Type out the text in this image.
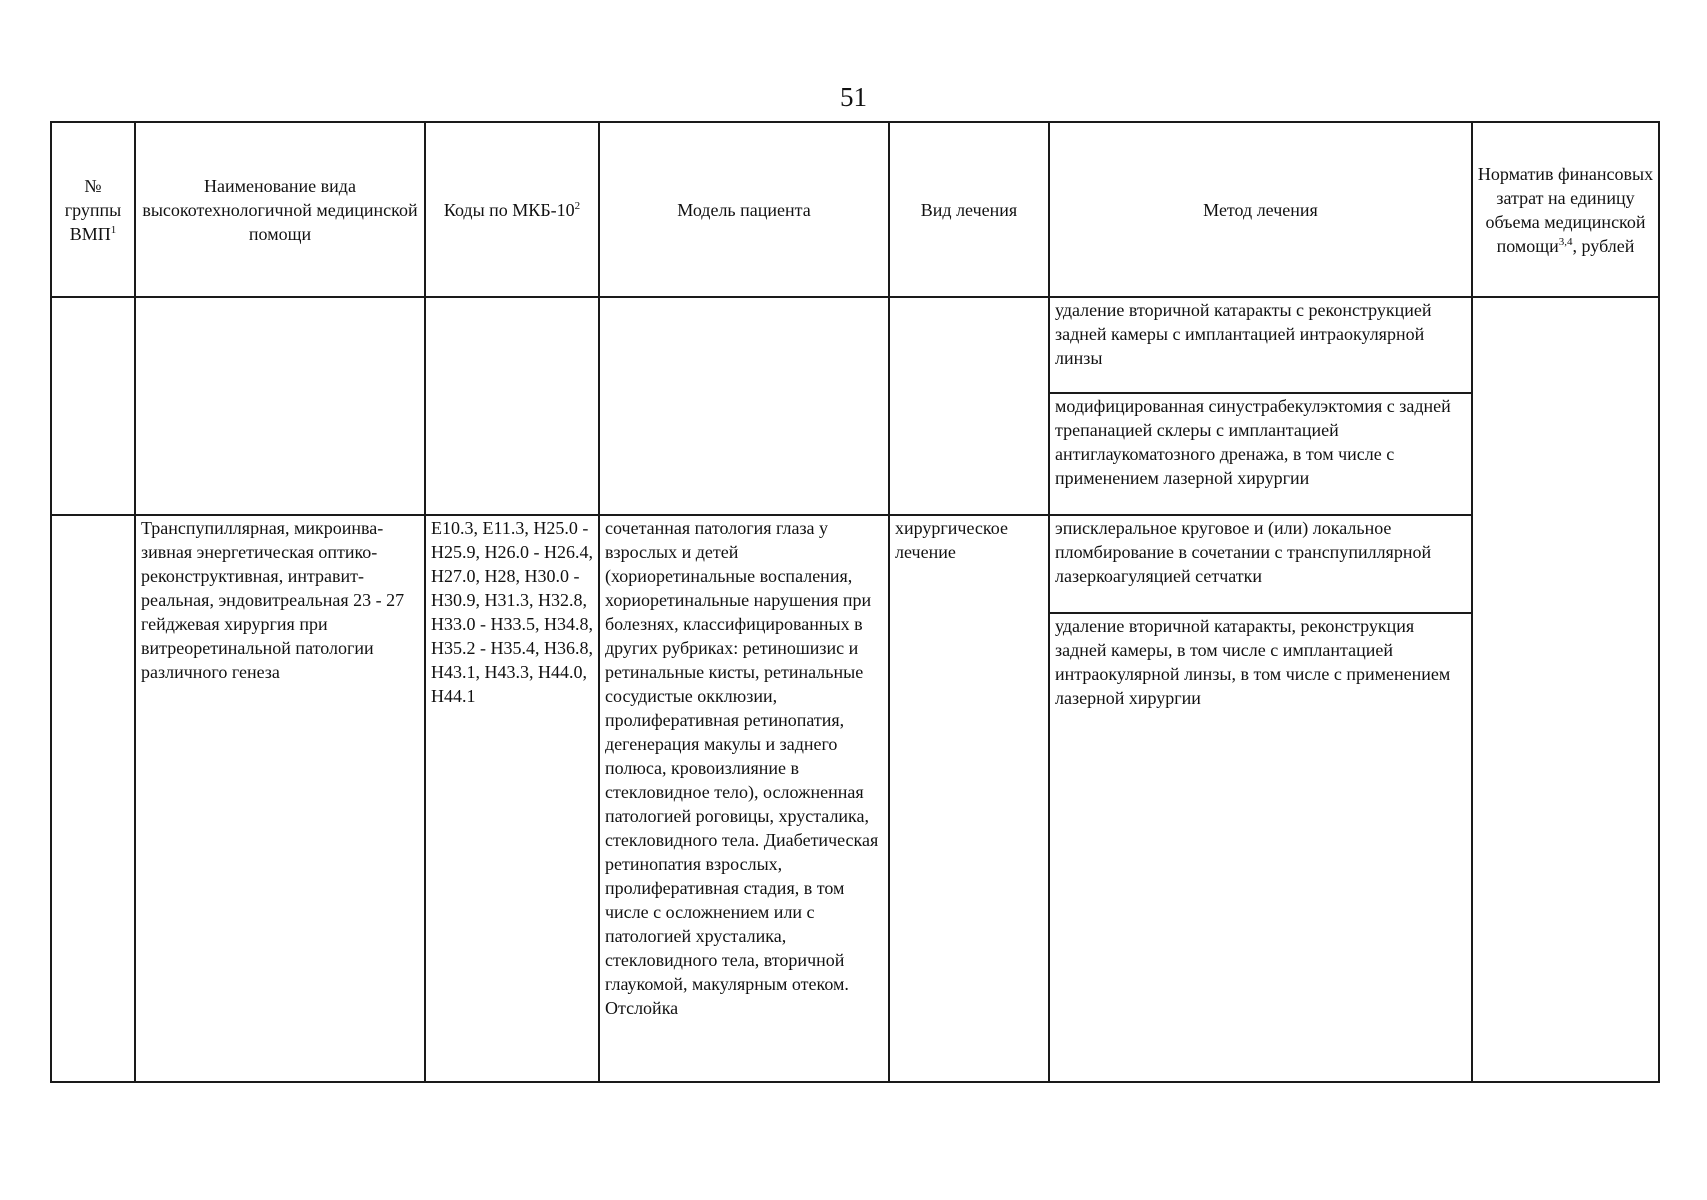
51
№ группы ВМП$^1$	Наименование вида высокотехнологичной медицинской помощи	Коды по МКБ-$10^2$	Модель пациента	Вид лечения	Метод лечения	Норматив финансовых затрат на единицу объема медицинской помощи$^{3,4}$, рублей
					удаление вторичной катаракты с реконструкцией задней камеры с имплантацией интраокулярной линзы	
					модифицированная синустрабекулэктомия с задней трепанацией склеры с имплантацией антиглаукоматозного дренажа, в том числе с применением лазерной хирургии	
	Транспупиллярная, микроинва-зивная энергетическая оптико-реконструктивная, интравит-реальная, эндовитреальная 23 - 27 гейджевая хирургия при витреоретинальной патологии различного генеза	E10.3, E11.3, H25.0 - H25.9, H26.0 - H26.4, H27.0, H28, H30.0 - H30.9, H31.3, H32.8, H33.0 - H33.5, H34.8, H35.2 - H35.4, H36.8, H43.1, H43.3, H44.0, H44.1	сочетанная патология глаза у взрослых и детей (хориоретинальные воспаления, хориоретинальные нарушения при болезнях, классифицированных в других рубриках: ретиношизис и ретинальные кисты, ретинальные сосудистые окклюзии, пролиферативная ретинопатия, дегенерация макулы и заднего полюса, кровоизлияние в стекловидное тело), осложненная патологией роговицы, хрусталика, стекловидного тела. Диабетическая ретинопатия взрослых, пролиферативная стадия, в том числе с осложнением или с патологией хрусталика, стекловидного тела, вторичной глаукомой, макулярным отеком. Отслойка	хирургическое лечение	эписклеральное круговое и (или) локальное пломбирование в сочетании с транспупиллярной лазеркоагуляцией сетчатки	
					удаление вторичной катаракты, реконструкция задней камеры, в том числе с имплантацией интраокулярной линзы, в том числе с применением лазерной хирургии	
